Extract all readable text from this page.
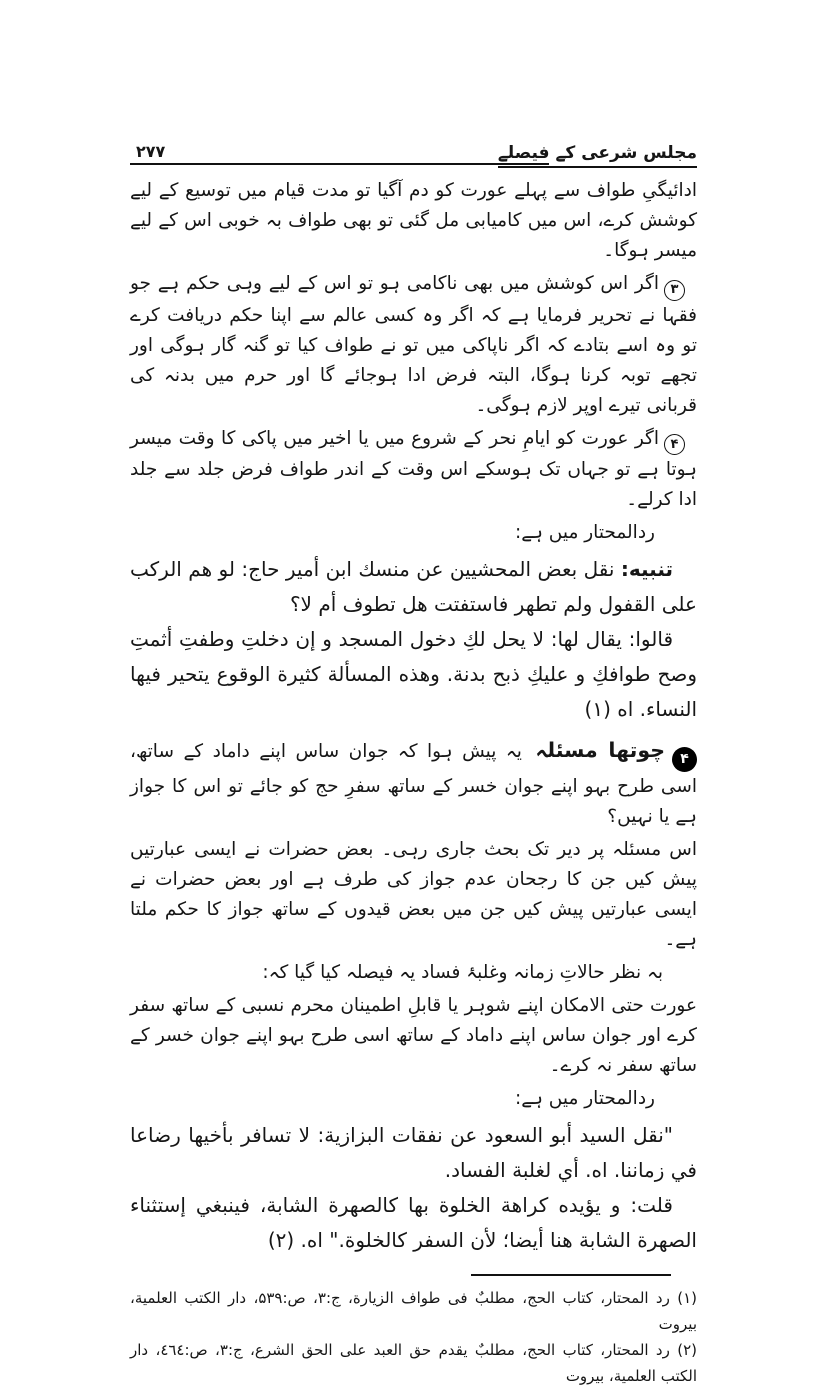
۲۷۷	مجلس شرعی کے فیصلے

ادائیگیِ طواف سے پہلے عورت کو دم آگیا تو مدت قیام میں توسیع کے لیے کوشش کرے، اس میں کامیابی مل گئی تو بھی طواف بہ خوبی اس کے لیے میسر ہوگا۔

۳اگر اس کوشش میں بھی ناکامی ہو تو اس کے لیے وہی حکم ہے جو فقہا نے تحریر فرمایا ہے کہ اگر وہ کسی عالم سے اپنا حکم دریافت کرے تو وہ اسے بتادے کہ اگر ناپاکی میں تو نے طواف کیا تو گنہ گار ہوگی اور تجھے توبہ کرنا ہوگا، البتہ فرض ادا ہوجائے گا اور حرم میں بدنہ کی قربانی تیرے اوپر لازم ہوگی۔

۴اگر عورت کو ایامِ نحر کے شروع میں یا اخیر میں پاکی کا وقت میسر ہوتا ہے تو جہاں تک ہوسکے اس وقت کے اندر طواف فرض جلد سے جلد ادا کرلے۔

ردالمحتار میں ہے:

تنبيه: نقل بعض المحشيين عن منسك ابن أمير حاج: لو هم الركب على القفول ولم تطهر فاستفتت هل تطوف أم لا؟

قالوا: يقال لها: لا يحل لكِ دخول المسجد و إن دخلتِ وطفتِ أثمتِ وصح طوافكِ و عليكِ ذبح بدنة. وهذه المسألة كثيرة الوقوع يتحير فيها النساء. اه (۱)

۴چوتھا مسئلہ یہ پیش ہوا کہ جوان ساس اپنے داماد کے ساتھ، اسی طرح بہو اپنے جوان خسر کے ساتھ سفرِ حج کو جائے تو اس کا جواز ہے یا نہیں؟

اس مسئلہ پر دیر تک بحث جاری رہی۔ بعض حضرات نے ایسی عبارتیں پیش کیں جن کا رجحان عدم جواز کی طرف ہے اور بعض حضرات نے ایسی عبارتیں پیش کیں جن میں بعض قیدوں کے ساتھ جواز کا حکم ملتا ہے۔

بہ نظر حالاتِ زمانہ وغلبۂ فساد یہ فیصلہ کیا گیا کہ:

عورت حتی الامکان اپنے شوہر یا قابلِ اطمینان محرم نسبی کے ساتھ سفر کرے اور جوان ساس اپنے داماد کے ساتھ اسی طرح بہو اپنے جوان خسر کے ساتھ سفر نہ کرے۔

ردالمحتار میں ہے:

"نقل السيد أبو السعود عن نفقات البزازية: لا تسافر بأخيها رضاعا في زماننا. اه. أي لغلبة الفساد.

قلت: و يؤيده كراهة الخلوة بها كالصهرة الشابة، فينبغي إستثناء الصهرة الشابة هنا أيضا؛ لأن السفر كالخلوة." اه. (۲)

(۱) رد المحتار، کتاب الحج، مطلبٌ فی طواف الزیارة، ج:۳، ص:۵۳۹، دار الکتب العلمیة، بیروت

(۲) رد المحتار، کتاب الحج، مطلبٌ یقدم حق العبد علی الحق الشرع، ج:۳، ص:٤٦٤، دار الکتب العلمیة، بیروت
